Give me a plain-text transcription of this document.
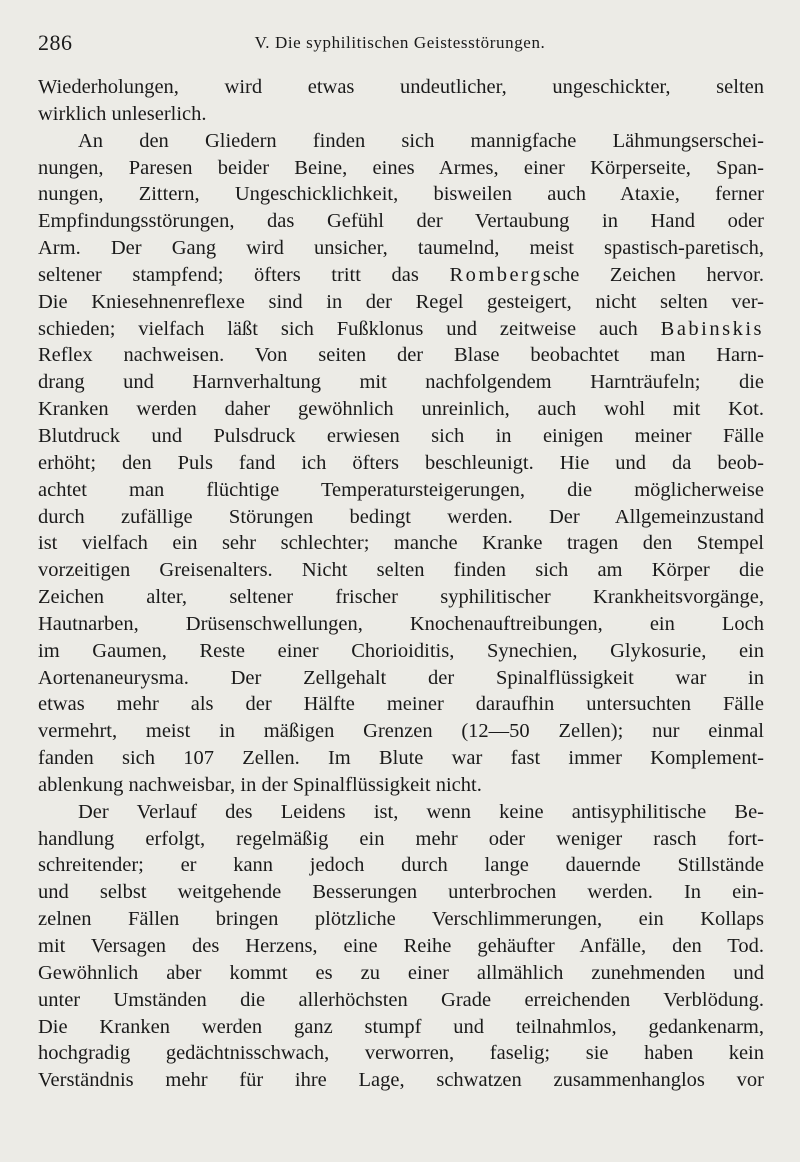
286	V. Die syphilitischen Geistesstörungen.
Wiederholungen, wird etwas undeutlicher, ungeschickter, selten
wirklich unleserlich.
An den Gliedern finden sich mannigfache Lähmungserschei-
nungen, Paresen beider Beine, eines Armes, einer Körperseite, Span-
nungen, Zittern, Ungeschicklichkeit, bisweilen auch Ataxie, ferner
Empfindungsstörungen, das Gefühl der Vertaubung in Hand oder
Arm. Der Gang wird unsicher, taumelnd, meist spastisch-paretisch,
seltener stampfend; öfters tritt das Rombergsche Zeichen hervor.
Die Kniesehnenreflexe sind in der Regel gesteigert, nicht selten ver-
schieden; vielfach läßt sich Fußklonus und zeitweise auch Babinskis
Reflex nachweisen. Von seiten der Blase beobachtet man Harn-
drang und Harnverhaltung mit nachfolgendem Harnträufeln; die
Kranken werden daher gewöhnlich unreinlich, auch wohl mit Kot.
Blutdruck und Pulsdruck erwiesen sich in einigen meiner Fälle
erhöht; den Puls fand ich öfters beschleunigt. Hie und da beob-
achtet man flüchtige Temperatursteigerungen, die möglicherweise
durch zufällige Störungen bedingt werden. Der Allgemeinzustand
ist vielfach ein sehr schlechter; manche Kranke tragen den Stempel
vorzeitigen Greisenalters. Nicht selten finden sich am Körper die
Zeichen alter, seltener frischer syphilitischer Krankheitsvorgänge,
Hautnarben, Drüsenschwellungen, Knochenauftreibungen, ein Loch
im Gaumen, Reste einer Chorioiditis, Synechien, Glykosurie, ein
Aortenaneurysma. Der Zellgehalt der Spinalflüssigkeit war in
etwas mehr als der Hälfte meiner daraufhin untersuchten Fälle
vermehrt, meist in mäßigen Grenzen (12—50 Zellen); nur einmal
fanden sich 107 Zellen. Im Blute war fast immer Komplement-
ablenkung nachweisbar, in der Spinalflüssigkeit nicht.
Der Verlauf des Leidens ist, wenn keine antisyphilitische Be-
handlung erfolgt, regelmäßig ein mehr oder weniger rasch fort-
schreitender; er kann jedoch durch lange dauernde Stillstände
und selbst weitgehende Besserungen unterbrochen werden. In ein-
zelnen Fällen bringen plötzliche Verschlimmerungen, ein Kollaps
mit Versagen des Herzens, eine Reihe gehäufter Anfälle, den Tod.
Gewöhnlich aber kommt es zu einer allmählich zunehmenden und
unter Umständen die allerhöchsten Grade erreichenden Verblödung.
Die Kranken werden ganz stumpf und teilnahmlos, gedankenarm,
hochgradig gedächtnisschwach, verworren, faselig; sie haben kein
Verständnis mehr für ihre Lage, schwatzen zusammenhanglos vor
